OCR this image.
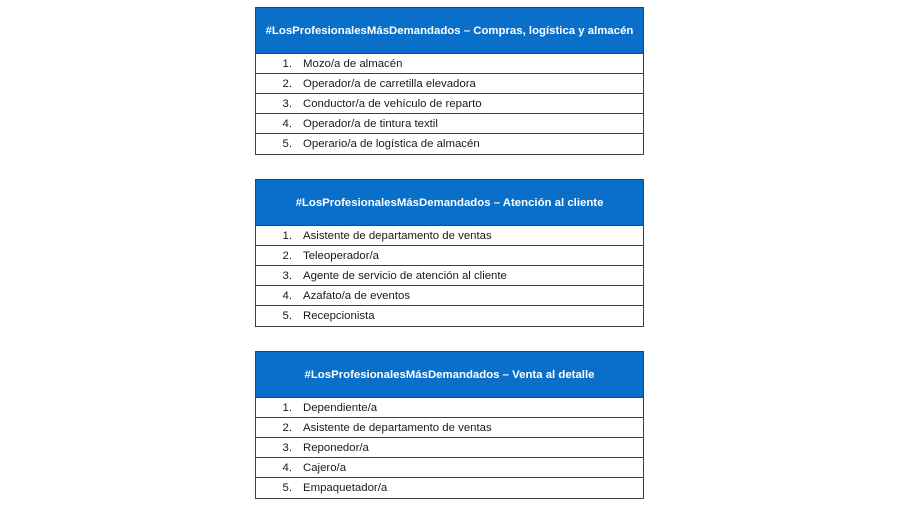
#LosProfesionalesMásDemandados – Compras, logística y almacén
1. Mozo/a de almacén
2. Operador/a de carretilla elevadora
3. Conductor/a de vehículo de reparto
4. Operador/a de tintura textil
5. Operario/a de logística de almacén
#LosProfesionalesMásDemandados – Atención al cliente
1. Asistente de departamento de ventas
2. Teleoperador/a
3. Agente de servicio de atención al cliente
4. Azafato/a de eventos
5. Recepcionista
#LosProfesionalesMásDemandados – Venta al detalle
1. Dependiente/a
2. Asistente de departamento de ventas
3. Reponedor/a
4. Cajero/a
5. Empaquetador/a
